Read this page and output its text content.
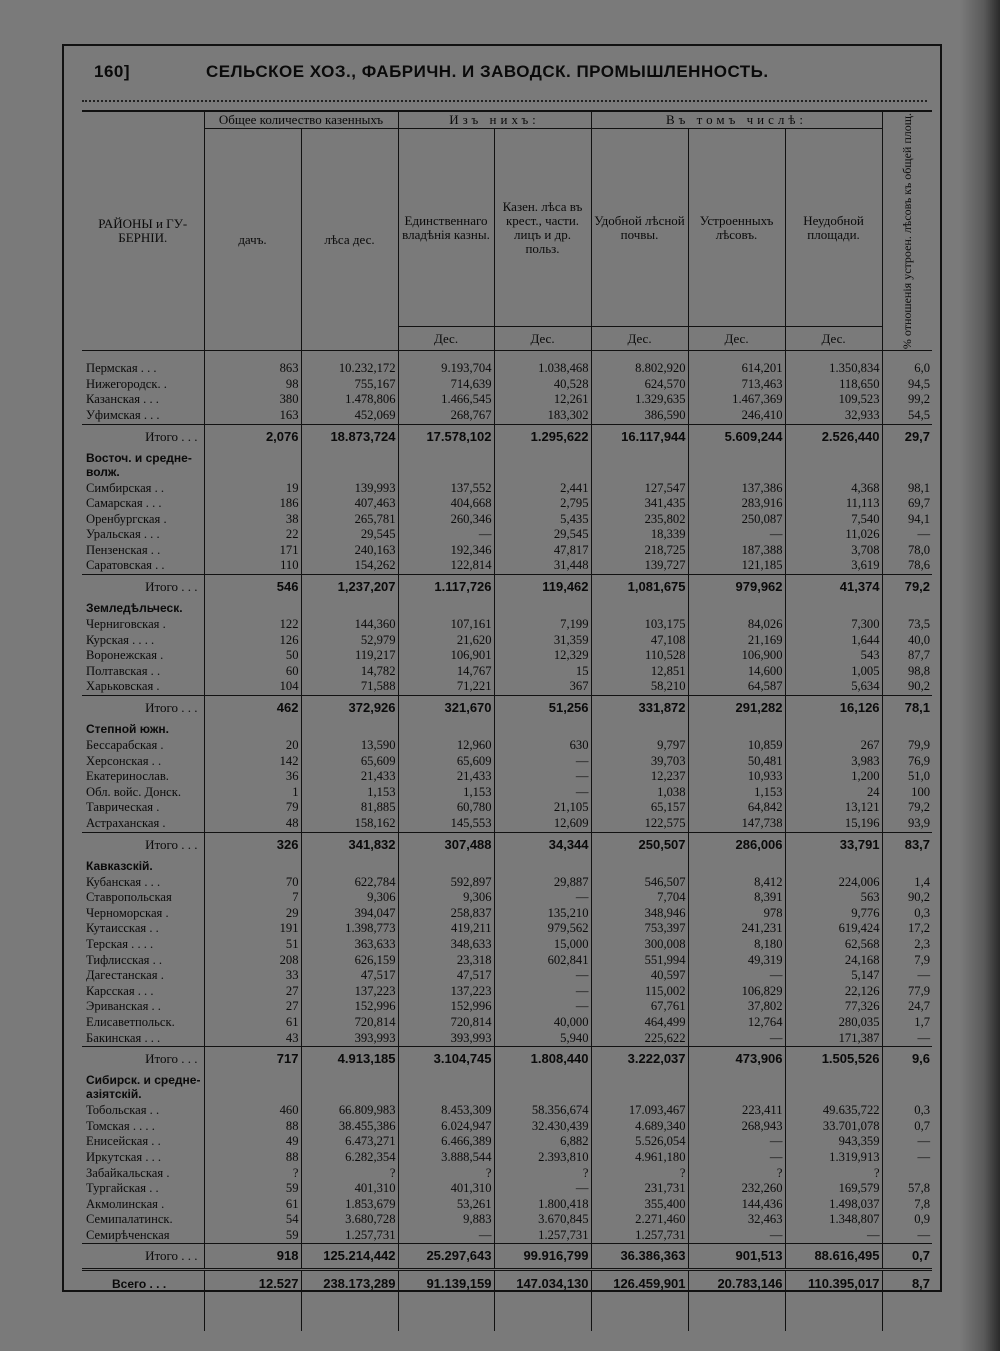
160]	СЕЛЬСКОЕ ХОЗ., ФАБРИЧН. И ЗАВОДСК. ПРОМЫШЛЕННОСТЬ.
РАЙОНЫ и ГУ-БЕРНІИ.	Общее количество казенныхъ		Изъ нихъ:		Въ томъ числѣ:			% отношенія устроен. лѣсовъ къ общей площ.

	дачъ.	лѣса дес.	Единственнаго владѣнія казны.	Казен. лѣса въ крест., части. лицъ и др. польз.	Удобной лѣсной почвы.	Устроенныхъ лѣсовъ.	Неудобной площади.	
			Дес.	Дес.	Дес.	Дес.	Дес.	

Пермская . . .	863	10.232,172	9.193,704	1.038,468	8.802,920	614,201	1.350,834	6,0
Нижегородск. .	98	755,167	714,639	40,528	624,570	713,463	118,650	94,5
Казанская . . .	380	1.478,806	1.466,545	12,261	1.329,635	1.467,369	109,523	99,2
Уфимская . . .	163	452,069	268,767	183,302	386,590	246,410	32,933	54,5
Итого . . .	2,076	18.873,724	17.578,102	1.295,622	16.117,944	5.609,244	2.526,440	29,7
Восточ. и средне-волж.								
Симбирская . .	19	139,993	137,552	2,441	127,547	137,386	4,368	98,1
Самарская . . .	186	407,463	404,668	2,795	341,435	283,916	11,113	69,7
Оренбургская .	38	265,781	260,346	5,435	235,802	250,087	7,540	94,1
Уральская . . .	22	29,545	—	29,545	18,339	—	11,026	—
Пензенская . .	171	240,163	192,346	47,817	218,725	187,388	3,708	78,0
Саратовская . .	110	154,262	122,814	31,448	139,727	121,185	3,619	78,6
Итого . . .	546	1,237,207	1.117,726	119,462	1,081,675	979,962	41,374	79,2
Земледѣльческ.								
Черниговская .	122	144,360	107,161	7,199	103,175	84,026	7,300	73,5
Курская . . . .	126	52,979	21,620	31,359	47,108	21,169	1,644	40,0
Воронежская .	50	119,217	106,901	12,329	110,528	106,900	543	87,7
Полтавская . .	60	14,782	14,767	15	12,851	14,600	1,005	98,8
Харьковская .	104	71,588	71,221	367	58,210	64,587	5,634	90,2
Итого . . .	462	372,926	321,670	51,256	331,872	291,282	16,126	78,1
Степной южн.								
Бессарабская .	20	13,590	12,960	630	9,797	10,859	267	79,9
Херсонская . .	142	65,609	65,609	—	39,703	50,481	3,983	76,9
Екатеринослав.	36	21,433	21,433	—	12,237	10,933	1,200	51,0
Обл. войс. Донск.	1	1,153	1,153	—	1,038	1,153	24	100
Таврическая .	79	81,885	60,780	21,105	65,157	64,842	13,121	79,2
Астраханская .	48	158,162	145,553	12,609	122,575	147,738	15,196	93,9
Итого . . .	326	341,832	307,488	34,344	250,507	286,006	33,791	83,7
Кавказскій.								
Кубанская . . .	70	622,784	592,897	29,887	546,507	8,412	224,006	1,4
Ставропольская	7	9,306	9,306	—	7,704	8,391	563	90,2
Черноморская .	29	394,047	258,837	135,210	348,946	978	9,776	0,3
Кутаисская . .	191	1.398,773	419,211	979,562	753,397	241,231	619,424	17,2
Терская . . . .	51	363,633	348,633	15,000	300,008	8,180	62,568	2,3
Тифлисская . .	208	626,159	23,318	602,841	551,994	49,319	24,168	7,9
Дагестанская .	33	47,517	47,517	—	40,597	—	5,147	—
Карсская . . .	27	137,223	137,223	—	115,002	106,829	22,126	77,9
Эриванская . .	27	152,996	152,996	—	67,761	37,802	77,326	24,7
Елисаветпольск.	61	720,814	720,814	40,000	464,499	12,764	280,035	1,7
Бакинская . . .	43	393,993	393,993	5,940	225,622	—	171,387	—
Итого . . .	717	4.913,185	3.104,745	1.808,440	3.222,037	473,906	1.505,526	9,6
Сибирск. и средне-азіятскій.								
Тобольская . .	460	66.809,983	8.453,309	58.356,674	17.093,467	223,411	49.635,722	0,3
Томская . . . .	88	38.455,386	6.024,947	32.430,439	4.689,340	268,943	33.701,078	0,7
Енисейская . .	49	6.473,271	6.466,389	6,882	5.526,054	—	943,359	—
Иркутская . . .	88	6.282,354	3.888,544	2.393,810	4.961,180	—	1.319,913	—
Забайкальская .	?	?	?	?	?	?	?	
Тургайская . .	59	401,310	401,310	—	231,731	232,260	169,579	57,8
Акмолинская .	61	1.853,679	53,261	1.800,418	355,400	144,436	1.498,037	7,8
Семипалатинск.	54	3.680,728	9,883	3.670,845	2.271,460	32,463	1.348,807	0,9
Семирѣченская	59	1.257,731	—	1.257,731	1.257,731	—	—	—
Итого . . .	918	125.214,442	25.297,643	99.916,799	36.386,363	901,513	88.616,495	0,7
Всего . . .	12.527	238.173,289	91.139,159	147.034,130	126.459,901	20.783,146	110.395,017	8,7
